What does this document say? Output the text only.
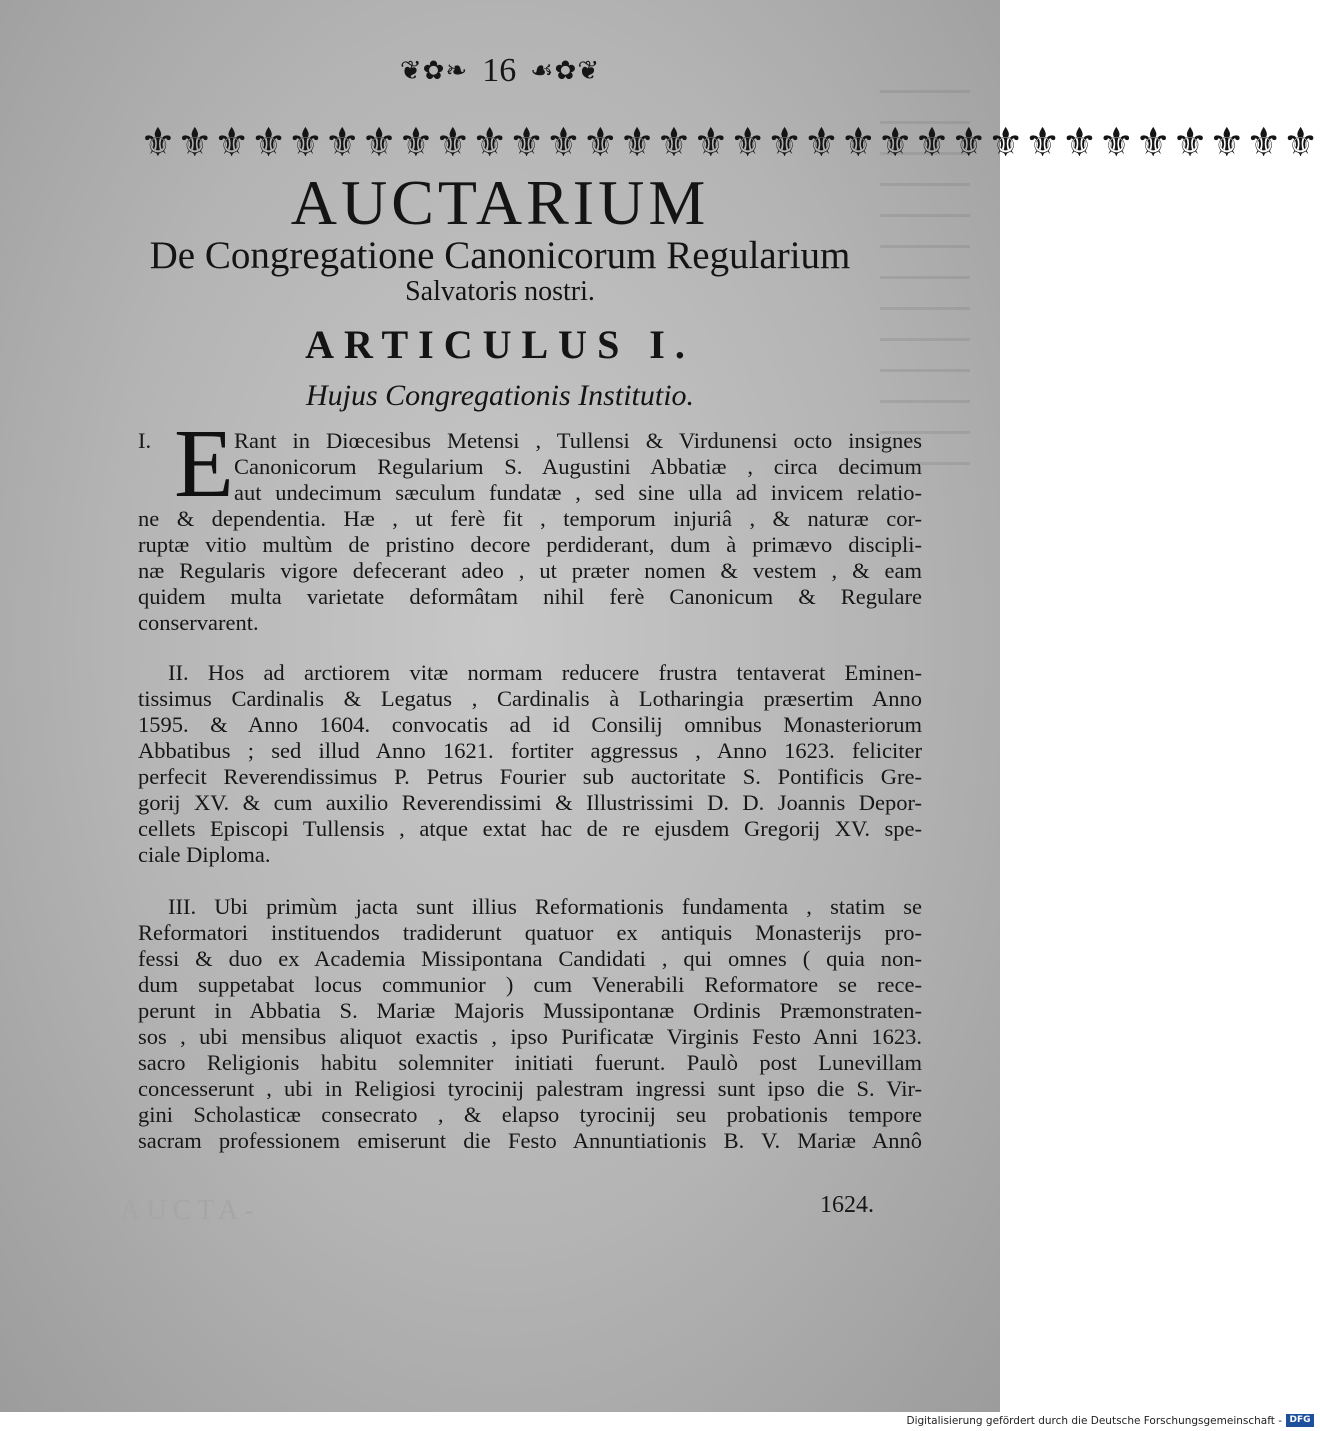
AUCTA-
❦✿❧ 16 ☙✿❦
⚜⚜⚜⚜⚜⚜⚜⚜⚜⚜⚜⚜⚜⚜⚜⚜⚜⚜⚜⚜⚜⚜⚜⚜⚜⚜⚜⚜⚜⚜⚜⚜
AUCTARIUM
De Congregatione Canonicorum Regularium
Salvatoris nostri.
ARTICULUS I.
Hujus Congregationis Institutio.
E
I.	Rant in Diœcesibus Metensi , Tullensi & Virdunensi octo insignes
Canonicorum Regularium S. Augustini Abbatiæ , circa decimum
aut undecimum sæculum fundatæ , sed sine ulla ad invicem relatio-
ne & dependentia. Hæ , ut ferè fit , temporum injuriâ , & naturæ cor-
ruptæ vitio multùm de pristino decore perdiderant, dum à primævo discipli-
næ Regularis vigore defecerant adeo , ut præter nomen & vestem , & eam
quidem multa varietate deformâtam nihil ferè Canonicum & Regulare
conservarent.
II. Hos ad arctiorem vitæ normam reducere frustra tentaverat Eminen-
tissimus Cardinalis & Legatus , Cardinalis à Lotharingia præsertim Anno
1595. & Anno 1604. convocatis ad id Consilij omnibus Monasteriorum
Abbatibus ; sed illud Anno 1621. fortiter aggressus , Anno 1623. feliciter
perfecit Reverendissimus P. Petrus Fourier sub auctoritate S. Pontificis Gre-
gorij XV. & cum auxilio Reverendissimi & Illustrissimi D. D. Joannis Depor-
cellets Episcopi Tullensis , atque extat hac de re ejusdem Gregorij XV. spe-
ciale Diploma.
III. Ubi primùm jacta sunt illius Reformationis fundamenta , statim se
Reformatori instituendos tradiderunt quatuor ex antiquis Monasterijs pro-
fessi & duo ex Academia Missipontana Candidati , qui omnes ( quia non-
dum suppetabat locus communior ) cum Venerabili Reformatore se rece-
perunt in Abbatia S. Mariæ Majoris Mussipontanæ Ordinis Præmonstraten-
sos , ubi mensibus aliquot exactis , ipso Purificatæ Virginis Festo Anni 1623.
sacro Religionis habitu solemniter initiati fuerunt. Paulò post Lunevillam
concesserunt , ubi in Religiosi tyrocinij palestram ingressi sunt ipso die S. Vir-
gini Scholasticæ consecrato , & elapso tyrocinij seu probationis tempore
sacram professionem emiserunt die Festo Annuntiationis B. V. Mariæ Annô
1624.
Digitalisierung gefördert durch die Deutsche Forschungsgemeinschaft - DFG
